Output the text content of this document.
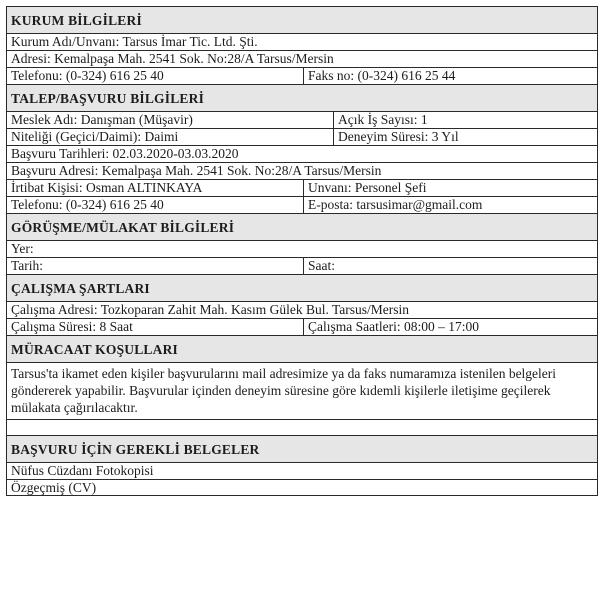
KURUM BİLGİLERİ
Kurum Adı/Unvanı: Tarsus İmar Tic. Ltd. Şti.
Adresi: Kemalpaşa Mah. 2541 Sok. No:28/A Tarsus/Mersin
Telefonu: (0-324) 616 25 40	Faks no: (0-324) 616 25 44
TALEP/BAŞVURU BİLGİLERİ
Meslek Adı: Danışman (Müşavir)	Açık İş Sayısı: 1
Niteliği (Geçici/Daimi): Daimi	Deneyim Süresi: 3 Yıl
Başvuru Tarihleri: 02.03.2020-03.03.2020
Başvuru Adresi: Kemalpaşa Mah. 2541 Sok. No:28/A Tarsus/Mersin
İrtibat Kişisi: Osman ALTINKAYA	Unvanı: Personel Şefi
Telefonu: (0-324) 616 25 40	E-posta: tarsusimar@gmail.com
GÖRÜŞME/MÜLAKAT BİLGİLERİ
Yer:
Tarih:	Saat:
ÇALIŞMA ŞARTLARI
Çalışma Adresi: Tozkoparan Zahit Mah. Kasım Gülek Bul. Tarsus/Mersin
Çalışma Süresi: 8 Saat	Çalışma Saatleri: 08:00 – 17:00
MÜRACAAT KOŞULLARI
Tarsus'ta ikamet eden kişiler başvurularını mail adresimize ya da faks numaramıza istenilen belgeleri göndererek yapabilir. Başvurular içinden deneyim süresine göre kıdemli kişilerle iletişime geçilerek mülakata çağırılacaktır.
BAŞVURU İÇİN GEREKLİ BELGELER
Nüfus Cüzdanı Fotokopisi
Özgeçmiş (CV)
